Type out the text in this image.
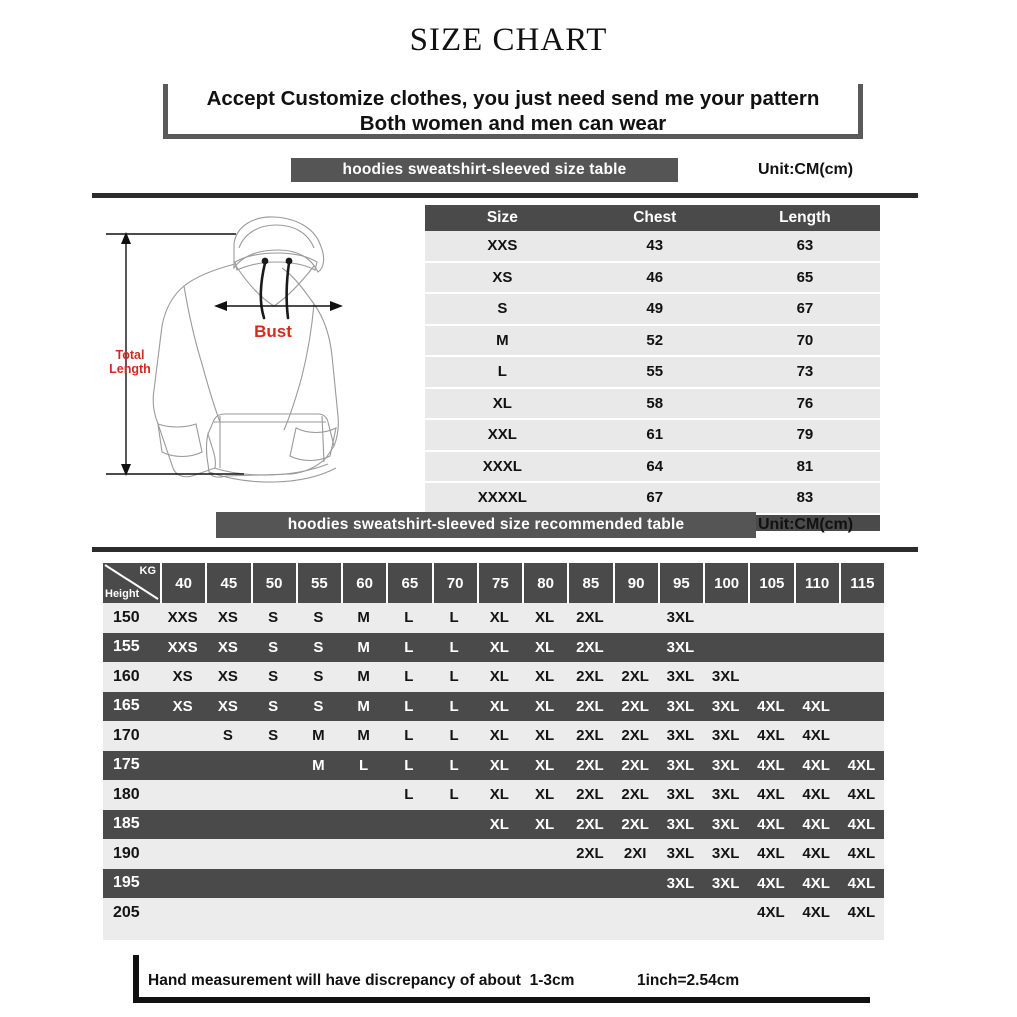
SIZE CHART
Accept Customize clothes, you just need send me your pattern
Both women and men can wear
hoodies sweatshirt-sleeved size table	Unit:CM(cm)
Total
Length
Bust
Size	Chest	Length
XXS	43	63

XS	46	65

S	49	67

M	52	70

L	55	73

XL	58	76

XXL	61	79

XXXL	64	81

XXXXL	67	83
hoodies sweatshirt-sleeved size recommended table	Unit:CM(cm)
KG
Height	40	45	50	55	60	65	70	75	80	85	90	95	100	105	110	115
150	XXS	XS	S	S	M	L	L	XL	XL	2XL		3XL				
155	XXS	XS	S	S	M	L	L	XL	XL	2XL		3XL				
160	XS	XS	S	S	M	L	L	XL	XL	2XL	2XL	3XL	3XL			
165	XS	XS	S	S	M	L	L	XL	XL	2XL	2XL	3XL	3XL	4XL	4XL	
170		S	S	M	M	L	L	XL	XL	2XL	2XL	3XL	3XL	4XL	4XL	
175				M	L	L	L	XL	XL	2XL	2XL	3XL	3XL	4XL	4XL	4XL
180						L	L	XL	XL	2XL	2XL	3XL	3XL	4XL	4XL	4XL
185								XL	XL	2XL	2XL	3XL	3XL	4XL	4XL	4XL
190										2XL	2XI	3XL	3XL	4XL	4XL	4XL
195												3XL	3XL	4XL	4XL	4XL
205														4XL	4XL	4XL
Hand measurement will have discrepancy of about  1-3cm	1inch=2.54cm
